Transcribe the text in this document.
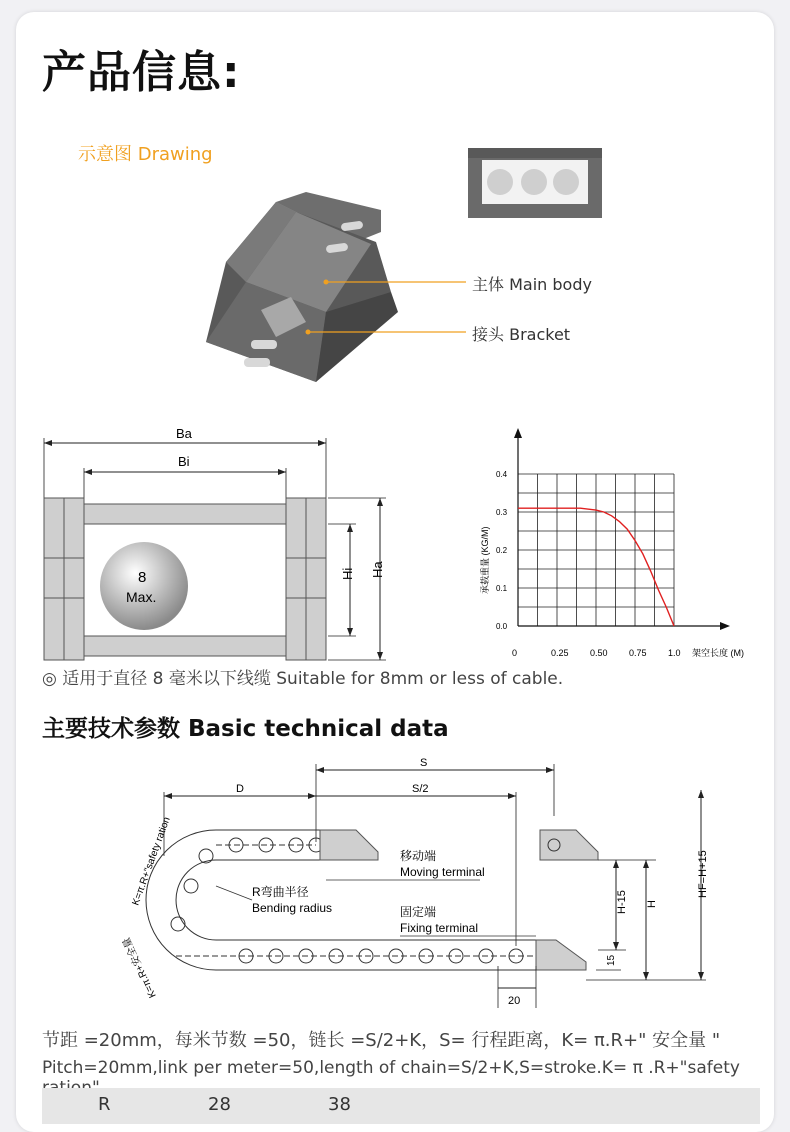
产品信息:
示意图 Drawing
主体 Main body
接头 Bracket
Ba
Bi
8
Max.
Hi Ha
0	0.25 0.50 0.75 1.0
0.0
0.1
0.2
0.3
0.4
架空长度 (M)
承载重量 (KG/M)
◎ 适用于直径 8 毫米以下线缆 Suitable for 8mm or less of cable.
主要技术参数 Basic technical data
S
D	S/2
移动端
Moving terminal
固定端
Fixing terminal
R弯曲半径
Bending radius
K=π.R+"safety ration
K=π.R+安全量
H-15 H
HF=H+15
15
20
节距 =20mm，每米节数 =50，链长 =S/2+K，S= 行程距离，K= π.R+" 安全量 "
Pitch=20mm,link per meter=50,length of chain=S/2+K,S=stroke.K= π .R+"safety
R	28	38
